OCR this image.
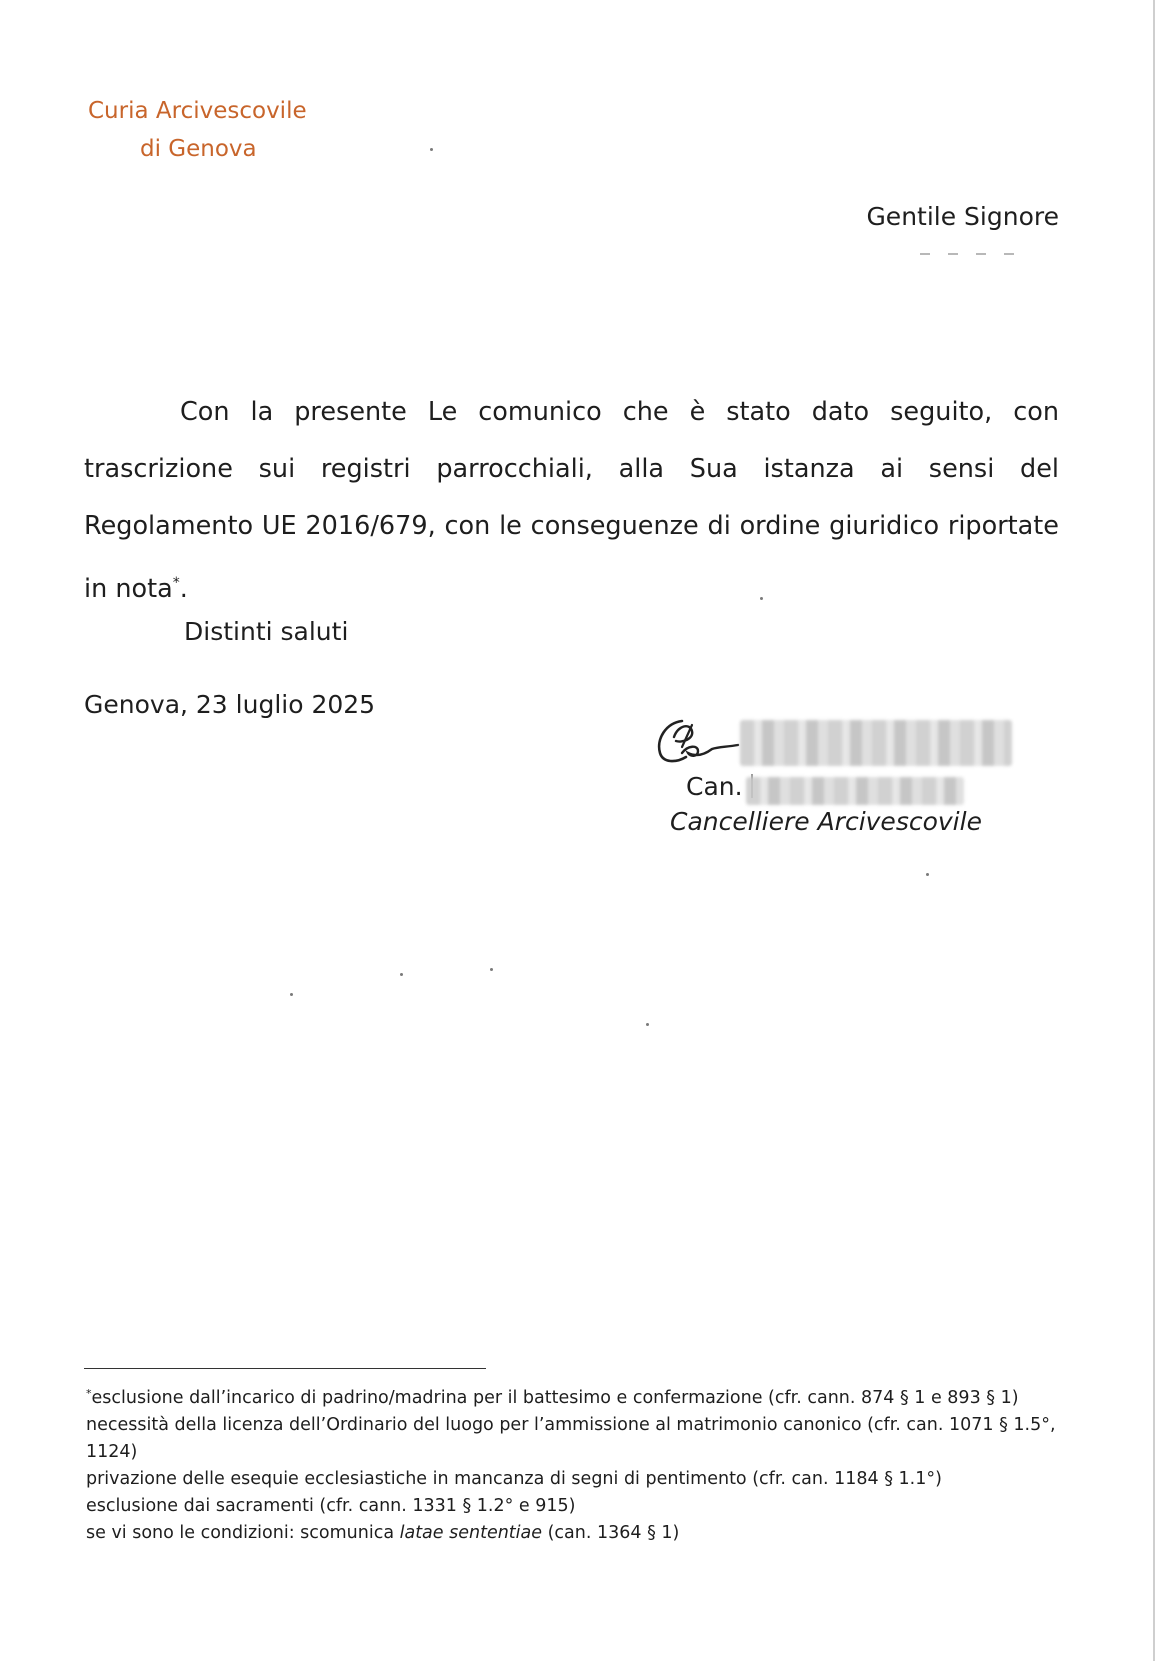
Curia Arcivescovile
di Genova
Gentile Signore
Con la presente Le comunico che è stato dato seguito, con trascrizione sui registri parrocchiali, alla Sua istanza ai sensi del Regolamento UE 2016/679, con le conseguenze di ordine giuridico riportate in nota*.
Distinti saluti
Genova, 23 luglio 2025
Can.
Cancelliere Arcivescovile

*esclusione dall’incarico di padrino/madrina per il battesimo e confermazione (cfr. cann. 874 § 1 e 893 § 1)

necessità della licenza dell’Ordinario del luogo per l’ammissione al matrimonio canonico (cfr. can. 1071 § 1.5°, 1124)

privazione delle esequie ecclesiastiche in mancanza di segni di pentimento (cfr. can. 1184 § 1.1°)

esclusione dai sacramenti (cfr. cann. 1331 § 1.2° e 915)

se vi sono le condizioni: scomunica latae sententiae (can. 1364 § 1)
